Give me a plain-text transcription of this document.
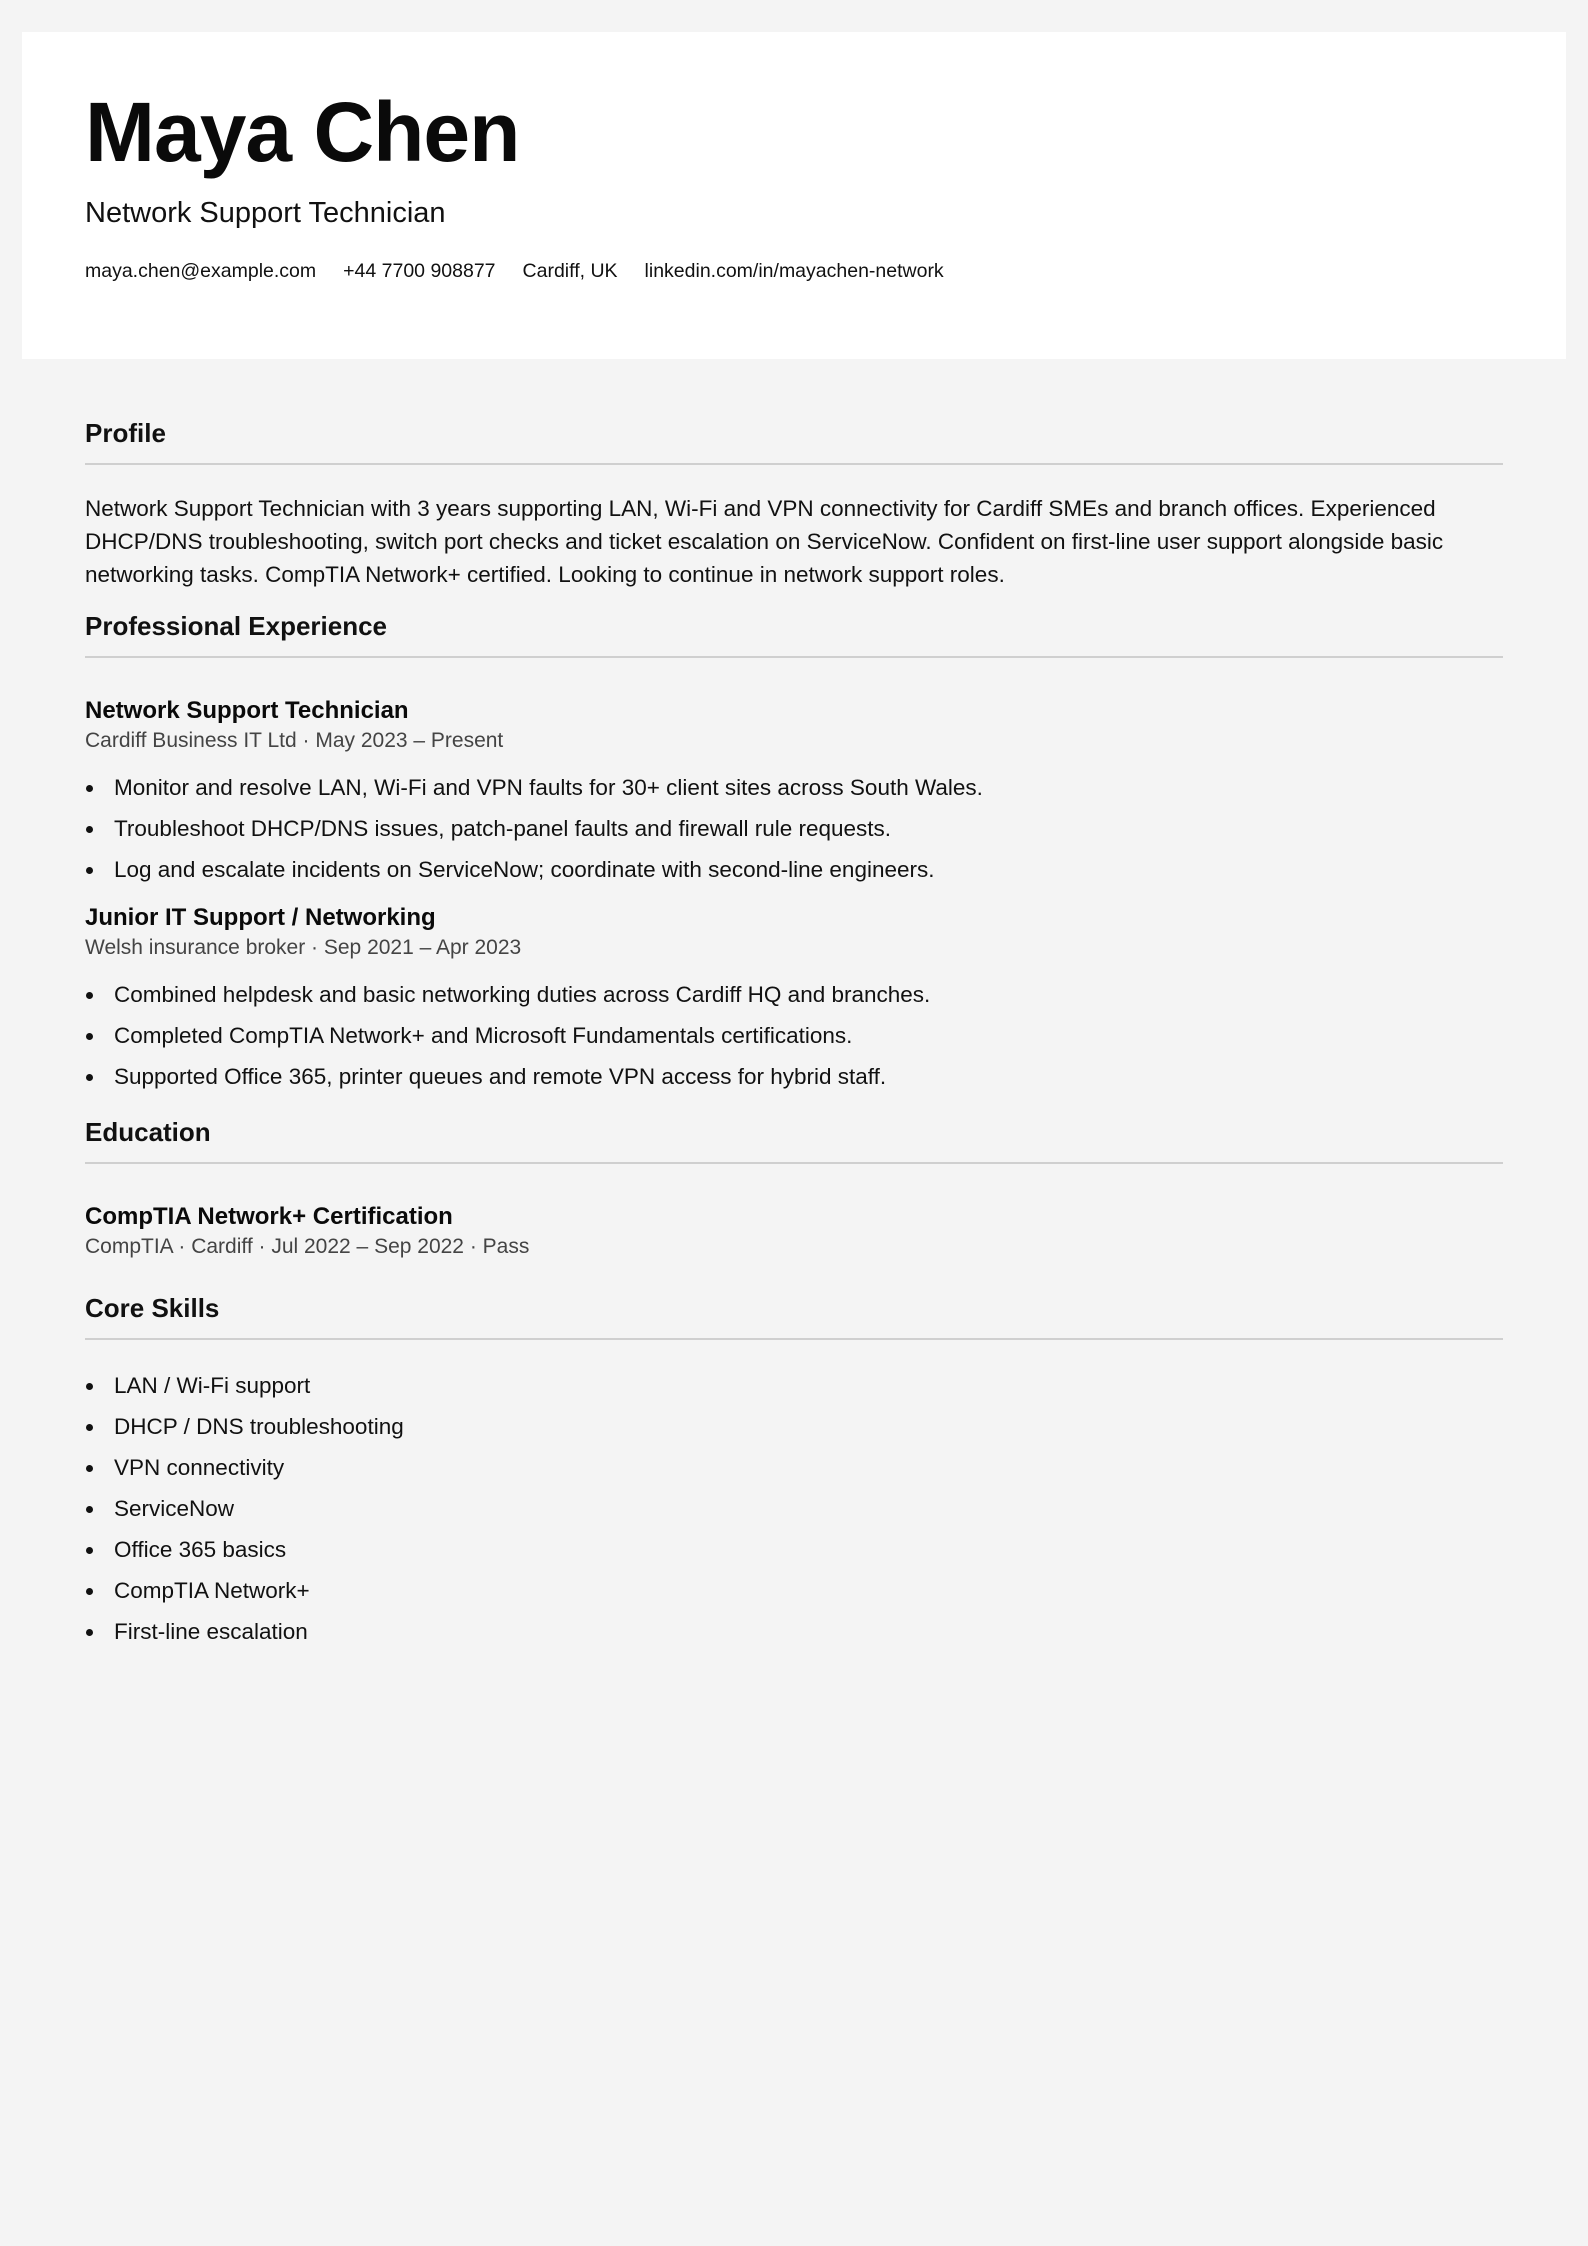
Maya Chen
Network Support Technician
maya.chen@example.com +44 7700 908877 Cardiff, UK linkedin.com/in/mayachen-network
Profile

Network Support Technician with 3 years supporting LAN, Wi-Fi and VPN connectivity for Cardiff SMEs and branch offices. Experienced DHCP/DNS troubleshooting, switch port checks and ticket escalation on ServiceNow. Confident on first-line user support alongside basic networking tasks. CompTIA Network+ certified. Looking to continue in network support roles.

Professional Experience
Network Support Technician
Cardiff Business IT Ltd · May 2023 – Present
Monitor and resolve LAN, Wi-Fi and VPN faults for 30+ client sites across South Wales.
Troubleshoot DHCP/DNS issues, patch-panel faults and firewall rule requests.
Log and escalate incidents on ServiceNow; coordinate with second-line engineers.
Junior IT Support / Networking
Welsh insurance broker · Sep 2021 – Apr 2023
Combined helpdesk and basic networking duties across Cardiff HQ and branches.
Completed CompTIA Network+ and Microsoft Fundamentals certifications.
Supported Office 365, printer queues and remote VPN access for hybrid staff.
Education
CompTIA Network+ Certification
CompTIA · Cardiff · Jul 2022 – Sep 2022 · Pass
Core Skills
LAN / Wi-Fi support
DHCP / DNS troubleshooting
VPN connectivity
ServiceNow
Office 365 basics
CompTIA Network+
First-line escalation
